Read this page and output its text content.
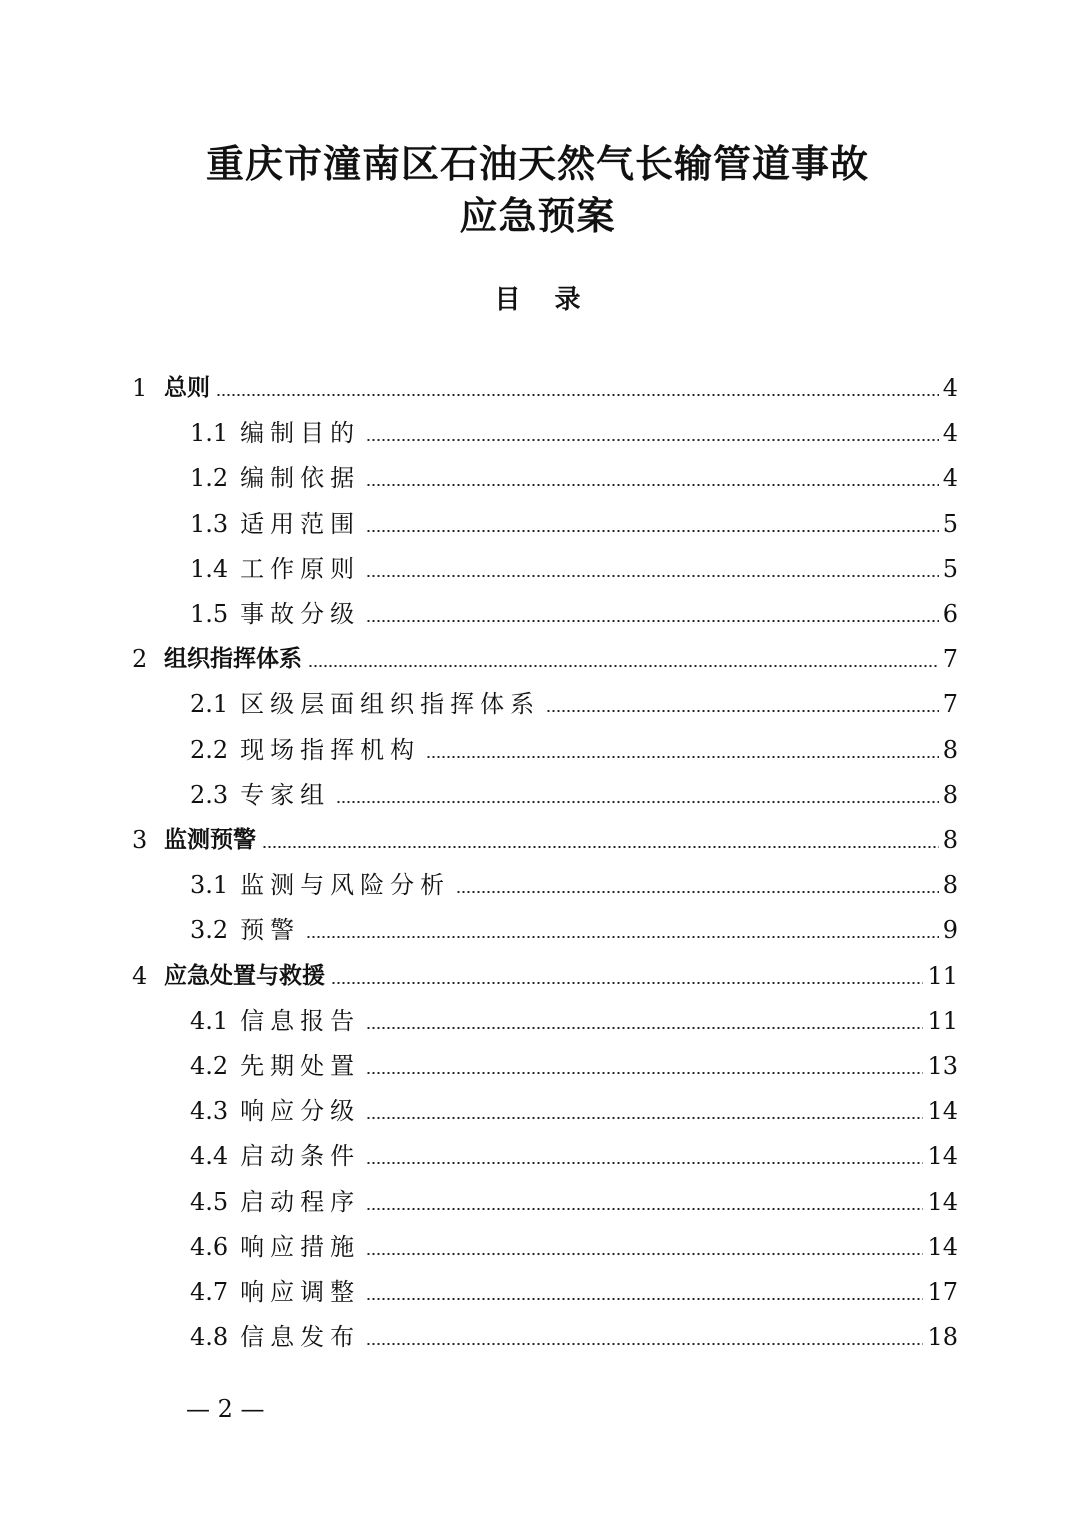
重庆市潼南区石油天然气长输管道事故
应急预案
目 录
1 总则	4
1.1 编制目的	4
1.2 编制依据	4
1.3 适用范围	5
1.4 工作原则	5
1.5 事故分级	6
2 组织指挥体系	7
2.1 区级层面组织指挥体系	7
2.2 现场指挥机构	8
2.3 专家组	8
3 监测预警	8
3.1 监测与风险分析	8
3.2 预警	9
4 应急处置与救援	11
4.1 信息报告	11
4.2 先期处置	13
4.3 响应分级	14
4.4 启动条件	14
4.5 启动程序	14
4.6 响应措施	14
4.7 响应调整	17
4.8 信息发布	18
— 2 —
